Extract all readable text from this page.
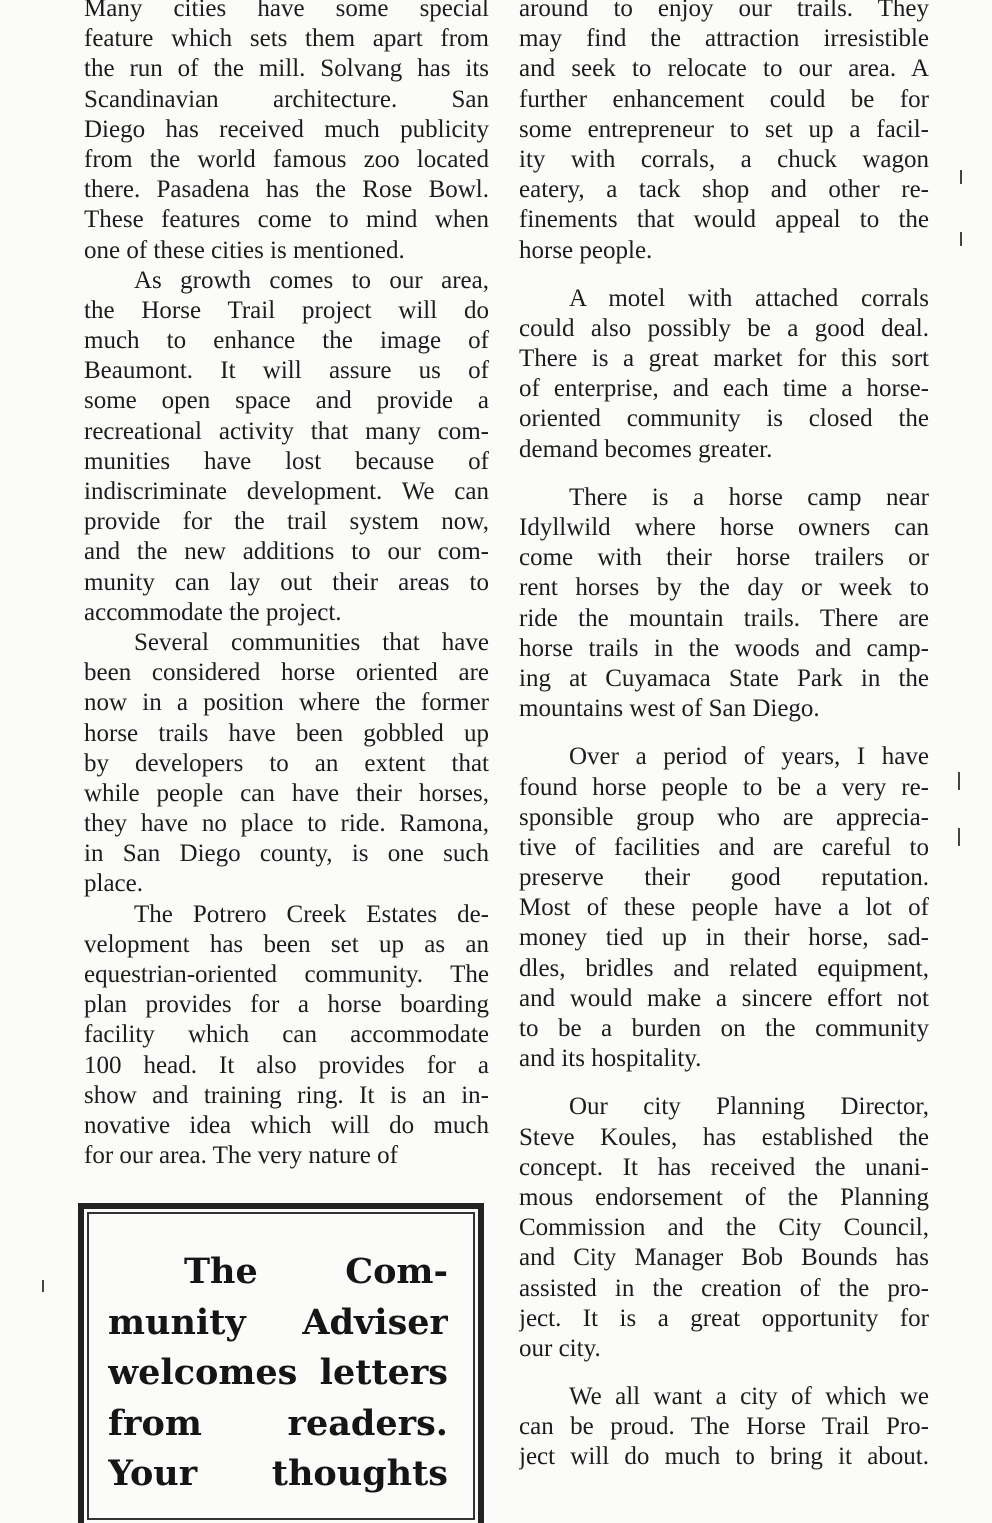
Many cities have some special
feature which sets them apart from
the run of the mill. Solvang has its
Scandinavian architecture. San
Diego has received much publicity
from the world famous zoo located
there. Pasadena has the Rose Bowl.
These features come to mind when
one of these cities is mentioned.
As growth comes to our area,
the Horse Trail project will do
much to enhance the image of
Beaumont. It will assure us of
some open space and provide a
recreational activity that many com-
munities have lost because of
indiscriminate development. We can
provide for the trail system now,
and the new additions to our com-
munity can lay out their areas to
accommodate the project.
Several communities that have
been considered horse oriented are
now in a position where the former
horse trails have been gobbled up
by developers to an extent that
while people can have their horses,
they have no place to ride. Ramona,
in San Diego county, is one such
place.
The Potrero Creek Estates de-
velopment has been set up as an
equestrian-oriented community. The
plan provides for a horse boarding
facility which can accommodate
100 head. It also provides for a
show and training ring. It is an in-
novative idea which will do much
for our area. The very nature of
around to enjoy our trails. They
may find the attraction irresistible
and seek to relocate to our area. A
further enhancement could be for
some entrepreneur to set up a facil-
ity with corrals, a chuck wagon
eatery, a tack shop and other re-
finements that would appeal to the
horse people.
A motel with attached corrals
could also possibly be a good deal.
There is a great market for this sort
of enterprise, and each time a horse-
oriented community is closed the
demand becomes greater.
There is a horse camp near
Idyllwild where horse owners can
come with their horse trailers or
rent horses by the day or week to
ride the mountain trails. There are
horse trails in the woods and camp-
ing at Cuyamaca State Park in the
mountains west of San Diego.
Over a period of years, I have
found horse people to be a very re-
sponsible group who are apprecia-
tive of facilities and are careful to
preserve their good reputation.
Most of these people have a lot of
money tied up in their horse, sad-
dles, bridles and related equipment,
and would make a sincere effort not
to be a burden on the community
and its hospitality.
Our city Planning Director,
Steve Koules, has established the
concept. It has received the unani-
mous endorsement of the Planning
Commission and the City Council,
and City Manager Bob Bounds has
assisted in the creation of the pro-
ject. It is a great opportunity for
our city.
We all want a city of which we
can be proud. The Horse Trail Pro-
ject will do much to bring it about.
The Com-
munity Adviser
welcomes letters
from readers.
Your thoughts
